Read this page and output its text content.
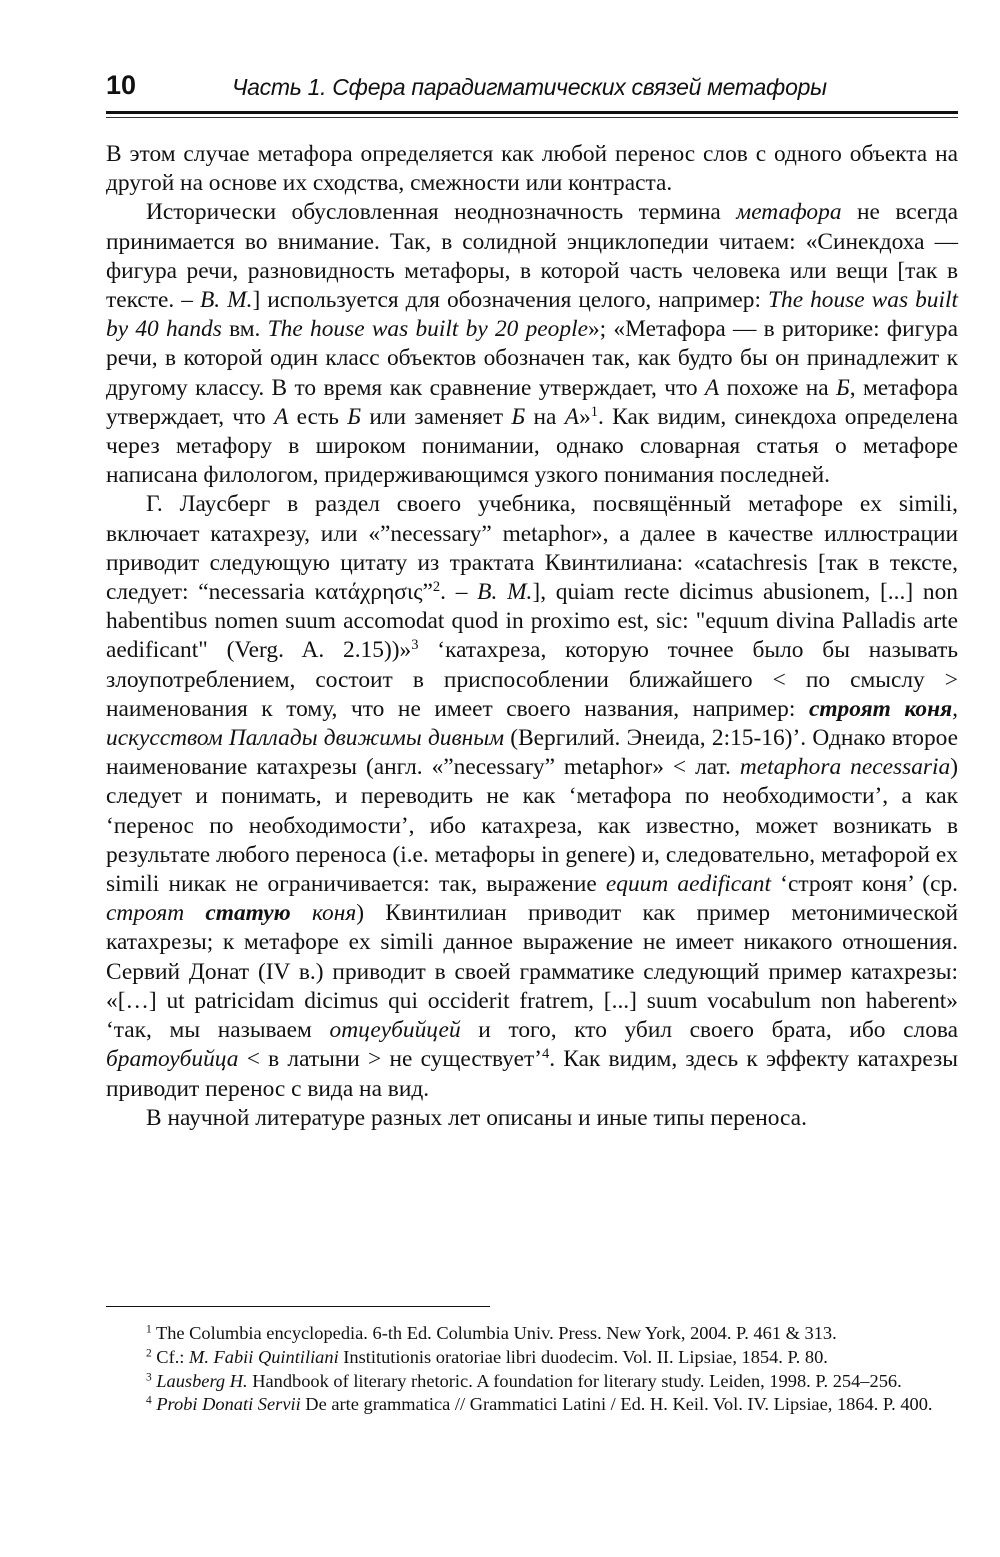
10	Часть 1. Сфера парадигматических связей метафоры

В этом случае метафора определяется как любой перенос слов с одного объекта на другой на основе их сходства, смежности или контраста.

Исторически обусловленная неоднозначность термина метафора не всегда принимается во внимание. Так, в солидной энциклопедии читаем: «Синекдоха — фигура речи, разновидность метафоры, в которой часть человека или вещи [так в тексте. – В. М.] используется для обозначения целого, например: The house was built by 40 hands вм. The house was built by 20 people»; «Метафора — в риторике: фигура речи, в которой один класс объектов обозначен так, как будто бы он принадлежит к другому классу. В то время как сравнение утверждает, что А похоже на Б, метафора утверждает, что А есть Б или заменяет Б на А»$^1$. Как видим, синекдоха определена через метафору в широком понимании, однако словарная статья о метафоре написана филологом, придерживающимся узкого понимания последней.

Г. Лаусберг в раздел своего учебника, посвящённый метафоре ex simili, включает катахрезу, или «”necessary” metaphor», а далее в качестве иллюстрации приводит следующую цитату из трактата Квинтилиана: «catachresis [так в тексте, следует: “necessaria κατάχρησις”$^2$. – В. М.], quiam recte dicimus abusionem, [...] non habentibus nomen suum accomodat quod in proximo est, sic: "equum divina Palladis arte aedificant" (Verg. A. 2.15))»$^3$ ‘катахреза, которую точнее было бы называть злоупотреблением, состоит в приспособлении ближайшего < по смыслу > наименования к тому, что не имеет своего названия, например: строят коня, искусством Паллады движимы дивным (Вергилий. Энеида, 2:15-16)’. Однако второе наименование катахрезы (англ. «”necessary” metaphor» < лат. metaphora necessaria) следует и понимать, и переводить не как ‘метафора по необходимости’, а как ‘перенос по необходимости’, ибо катахреза, как известно, может возникать в результате любого переноса (i.e. метафоры in genere) и, следовательно, метафорой ex simili никак не ограничивается: так, выражение equum aedificant ‘строят коня’ (ср. строят статую коня) Квинтилиан приводит как пример метонимической катахрезы; к метафоре ex simili данное выражение не имеет никакого отношения. Сервий Донат (IV в.) приводит в своей грамматике следующий пример катахрезы: «[…] ut patricidam dicimus qui occiderit fratrem, [...] suum vocabulum non haberent» ‘так, мы называем отцеубийцей и того, кто убил своего брата, ибо слова братоубийца < в латыни > не существует’$^4$. Как видим, здесь к эффекту катахрезы приводит перенос с вида на вид.

В научной литературе разных лет описаны и иные типы переноса.

$^1$ The Columbia encyclopedia. 6-th Ed. Columbia Univ. Press. New York, 2004. P. 461 & 313.

$^2$ Cf.: M. Fabii Quintiliani Institutionis oratoriae libri duodecim. Vol. II. Lipsiae, 1854. P. 80.

$^3$ Lausberg H. Handbook of literary rhetoric. A foundation for literary study. Leiden, 1998. P. 254–256.

$^4$ Probi Donati Servii De arte grammatica // Grammatici Latini / Ed. H. Keil. Vol. IV. Lipsiae, 1864. P. 400.
